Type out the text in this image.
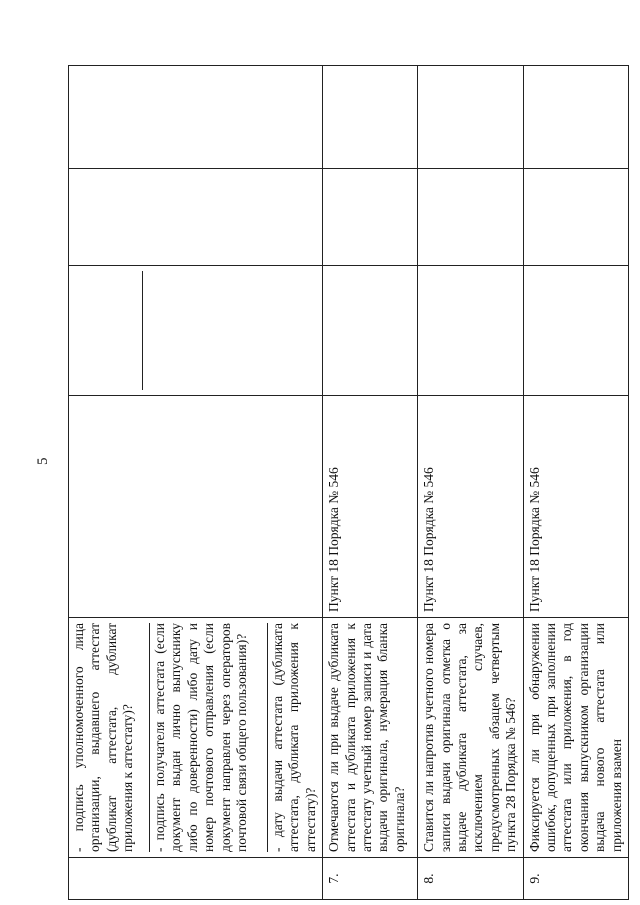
5

	- подпись уполномоченного лица организации, выдавшего аттестат (дубликат аттестата, дубликат приложения к аттестату)? - подпись получателя аттестата (если документ выдан лично выпускнику либо по доверенности) либо дату и номер почтового отправления (если документ направлен через операторов почтовой связи общего пользования)? - дату выдачи аттестата (дубликата аттестата, дубликата приложения к аттестату)?				

7.	Отмечаются ли при выдаче дубликата аттестата и дубликата приложения к аттестату учетный номер записи и дата выдачи оригинала, нумерация бланка оригинала?	Пункт 18 Порядка № 546			
8.	Ставится ли напротив учетного номера записи выдачи оригинала отметка о выдаче дубликата аттестата, за исключением случаев, предусмотренных абзацем четвертым пункта 28 Порядка № 546?	Пункт 18 Порядка № 546			
9.	Фиксируется ли при обнаружении ошибок, допущенных при заполнении аттестата или приложения, в год окончания выпускником организации выдача нового аттестата или приложения взамен	Пункт 18 Порядка № 546			
